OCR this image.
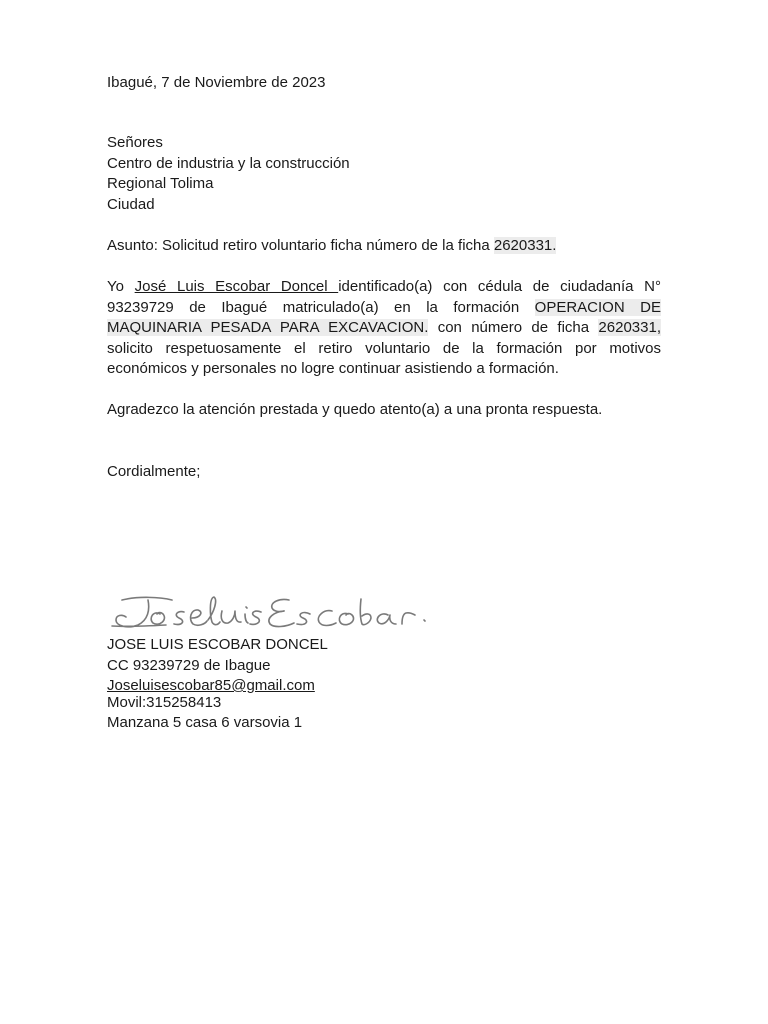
Ibagué, 7 de Noviembre de 2023
Señores
Centro de industria y la construcción
Regional Tolima
Ciudad
Asunto: Solicitud retiro voluntario ficha número de la ficha 2620331.
Yo José Luis Escobar Doncel identificado(a) con cédula de ciudadanía N° 93239729 de Ibagué matriculado(a) en la formación OPERACION DE MAQUINARIA PESADA PARA EXCAVACION. con número de ficha 2620331, solicito respetuosamente el retiro voluntario de la formación por motivos económicos y personales no logre continuar asistiendo a formación.
Agradezco la atención prestada y quedo atento(a) a una pronta respuesta.
Cordialmente;
JOSE LUIS ESCOBAR DONCEL
CC 93239729 de Ibague
Joseluisescobar85@gmail.com
Movil:315258413
Manzana 5 casa 6 varsovia 1
